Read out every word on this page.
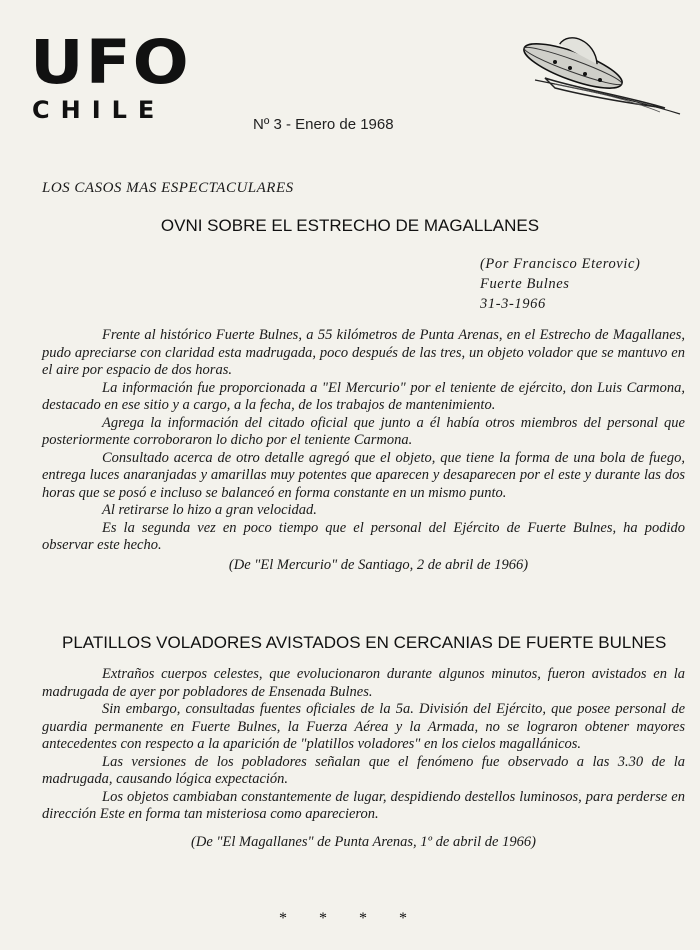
UFO
CHILE
Nº 3 - Enero de 1968
LOS CASOS MAS ESPECTACULARES
OVNI SOBRE EL ESTRECHO DE MAGALLANES
(Por Francisco Eterovic)
Fuerte Bulnes
31-3-1966

Frente al histórico Fuerte Bulnes, a 55 kilómetros de Punta Arenas, en el Estrecho de Magallanes, pudo apreciarse con claridad esta madrugada, poco después de las tres, un objeto volador que se mantuvo en el aire por espacio de dos horas.

La información fue proporcionada a "El Mercurio" por el teniente de ejército, don Luis Carmona, destacado en ese sitio y a cargo, a la fecha, de los trabajos de mantenimiento.

Agrega la información del citado oficial que junto a él había otros miembros del personal que posteriormente corroboraron lo dicho por el teniente Carmona.

Consultado acerca de otro detalle agregó que el objeto, que tiene la forma de una bola de fuego, entrega luces anaranjadas y amarillas muy potentes que aparecen y desaparecen por el este y durante las dos horas que se posó e incluso se balanceó en forma constante en un mismo punto.

Al retirarse lo hizo a gran velocidad.

Es la segunda vez en poco tiempo que el personal del Ejército de Fuerte Bulnes, ha podido observar este hecho.

(De "El Mercurio" de Santiago, 2 de abril de 1966)

PLATILLOS VOLADORES AVISTADOS EN CERCANIAS DE FUERTE BULNES

Extraños cuerpos celestes, que evolucionaron durante algunos minutos, fueron avistados en la madrugada de ayer por pobladores de Ensenada Bulnes.

Sin embargo, consultadas fuentes oficiales de la 5a. División del Ejército, que posee personal de guardia permanente en Fuerte Bulnes, la Fuerza Aérea y la Armada, no se lograron obtener mayores antecedentes con respecto a la aparición de "platillos voladores" en los cielos magallánicos.

Las versiones de los pobladores señalan que el fenómeno fue observado a las 3.30 de la madrugada, causando lógica expectación.

Los objetos cambiaban constantemente de lugar, despidiendo destellos luminosos, para perderse en dirección Este en forma tan misteriosa como aparecieron.

(De "El Magallanes" de Punta Arenas, 1º de abril de 1966)

* * * *
